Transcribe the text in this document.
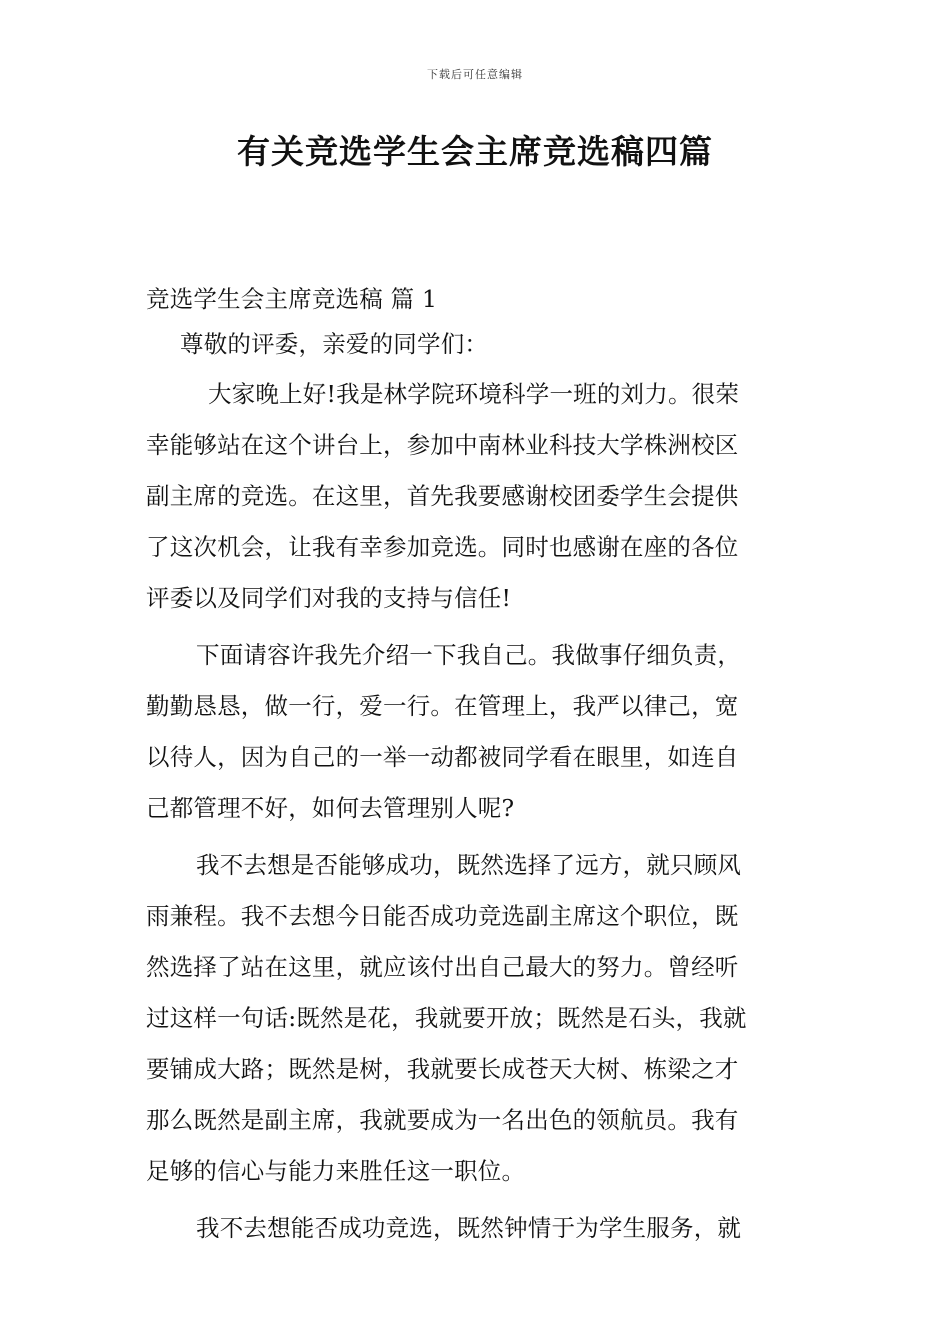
下载后可任意编辑
有关竞选学生会主席竞选稿四篇
竞选学生会主席竞选稿 篇 1
尊敬的评委，亲爱的同学们：
大家晚上好!我是林学院环境科学一班的刘力。很荣
幸能够站在这个讲台上，参加中南林业科技大学株洲校区
副主席的竞选。在这里，首先我要感谢校团委学生会提供
了这次机会，让我有幸参加竞选。同时也感谢在座的各位
评委以及同学们对我的支持与信任!
下面请容许我先介绍一下我自己。我做事仔细负责，
勤勤恳恳，做一行，爱一行。在管理上，我严以律己，宽
以待人，因为自己的一举一动都被同学看在眼里，如连自
己都管理不好，如何去管理别人呢?
我不去想是否能够成功，既然选择了远方，就只顾风
雨兼程。我不去想今日能否成功竞选副主席这个职位，既
然选择了站在这里，就应该付出自己最大的努力。曾经听
过这样一句话:既然是花，我就要开放；既然是石头，我就
要铺成大路；既然是树，我就要长成苍天大树、栋梁之才
那么既然是副主席，我就要成为一名出色的领航员。我有
足够的信心与能力来胜任这一职位。
我不去想能否成功竞选，既然钟情于为学生服务，就
